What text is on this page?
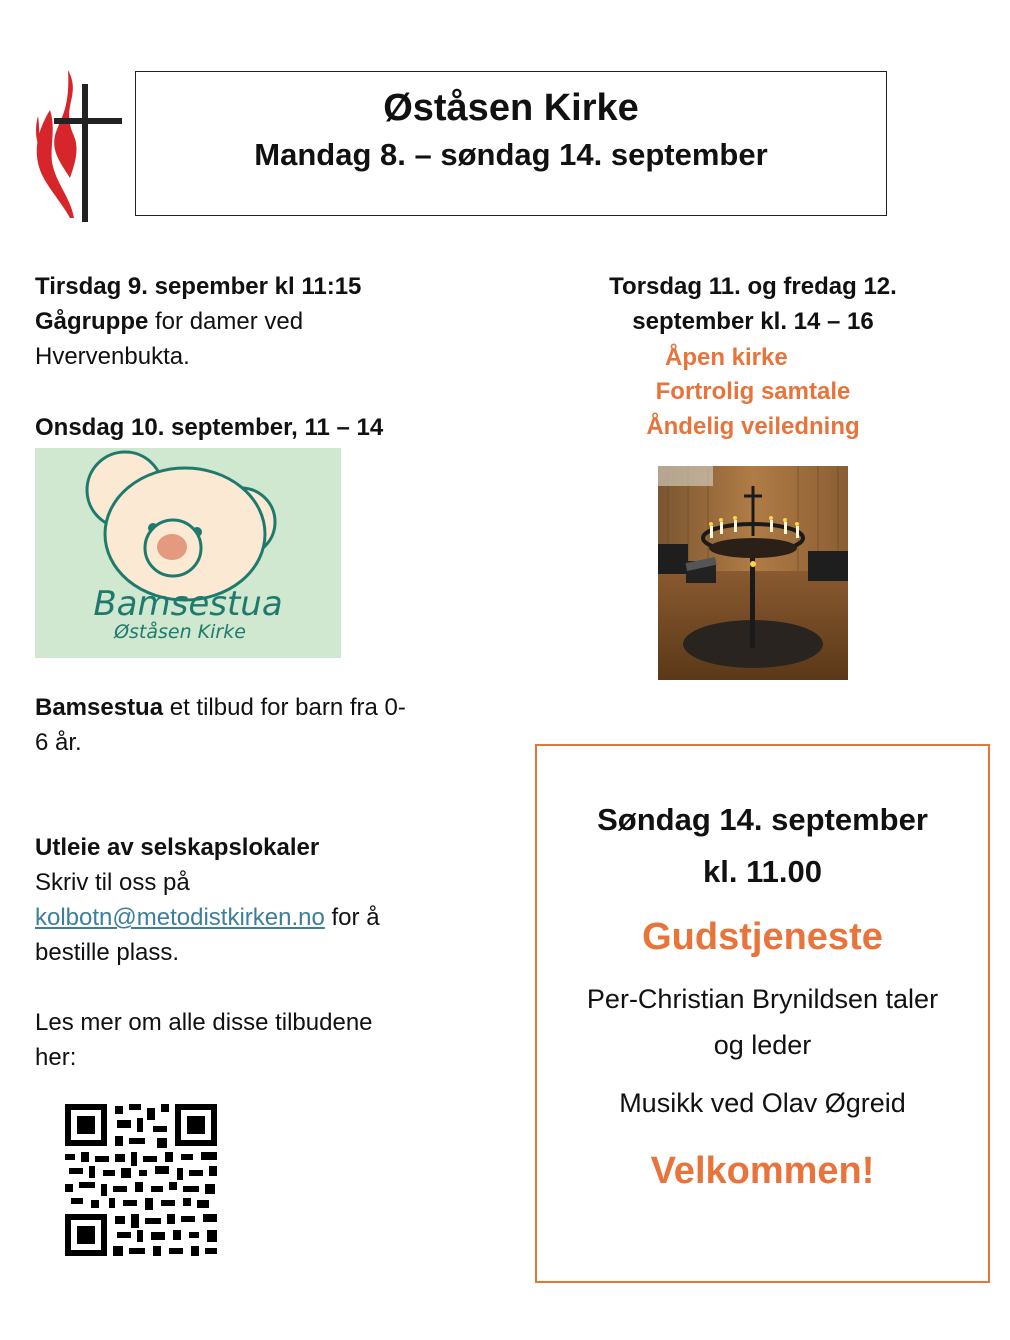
Øståsen Kirke
Mandag 8. – søndag 14. september
Tirsdag 9. sepember kl 11:15
Gågruppe for damer ved
Hvervenbukta.
Onsdag 10. september, 11 – 14
Bamsestua
Øståsen Kirke
Bamsestua et tilbud for barn fra 0-
6 år.
Utleie av selskapslokaler
Skriv til oss på
kolbotn@metodistkirken.no for å
bestille plass.
Les mer om alle disse tilbudene
her:
Torsdag 11. og fredag 12.
september kl. 14 – 16
Åpen kirke
Fortrolig samtale
Åndelig veiledning
Søndag 14. september
kl. 11.00
Gudstjeneste
Per-Christian Brynildsen taler
og leder
Musikk ved Olav Øgreid
Velkommen!
